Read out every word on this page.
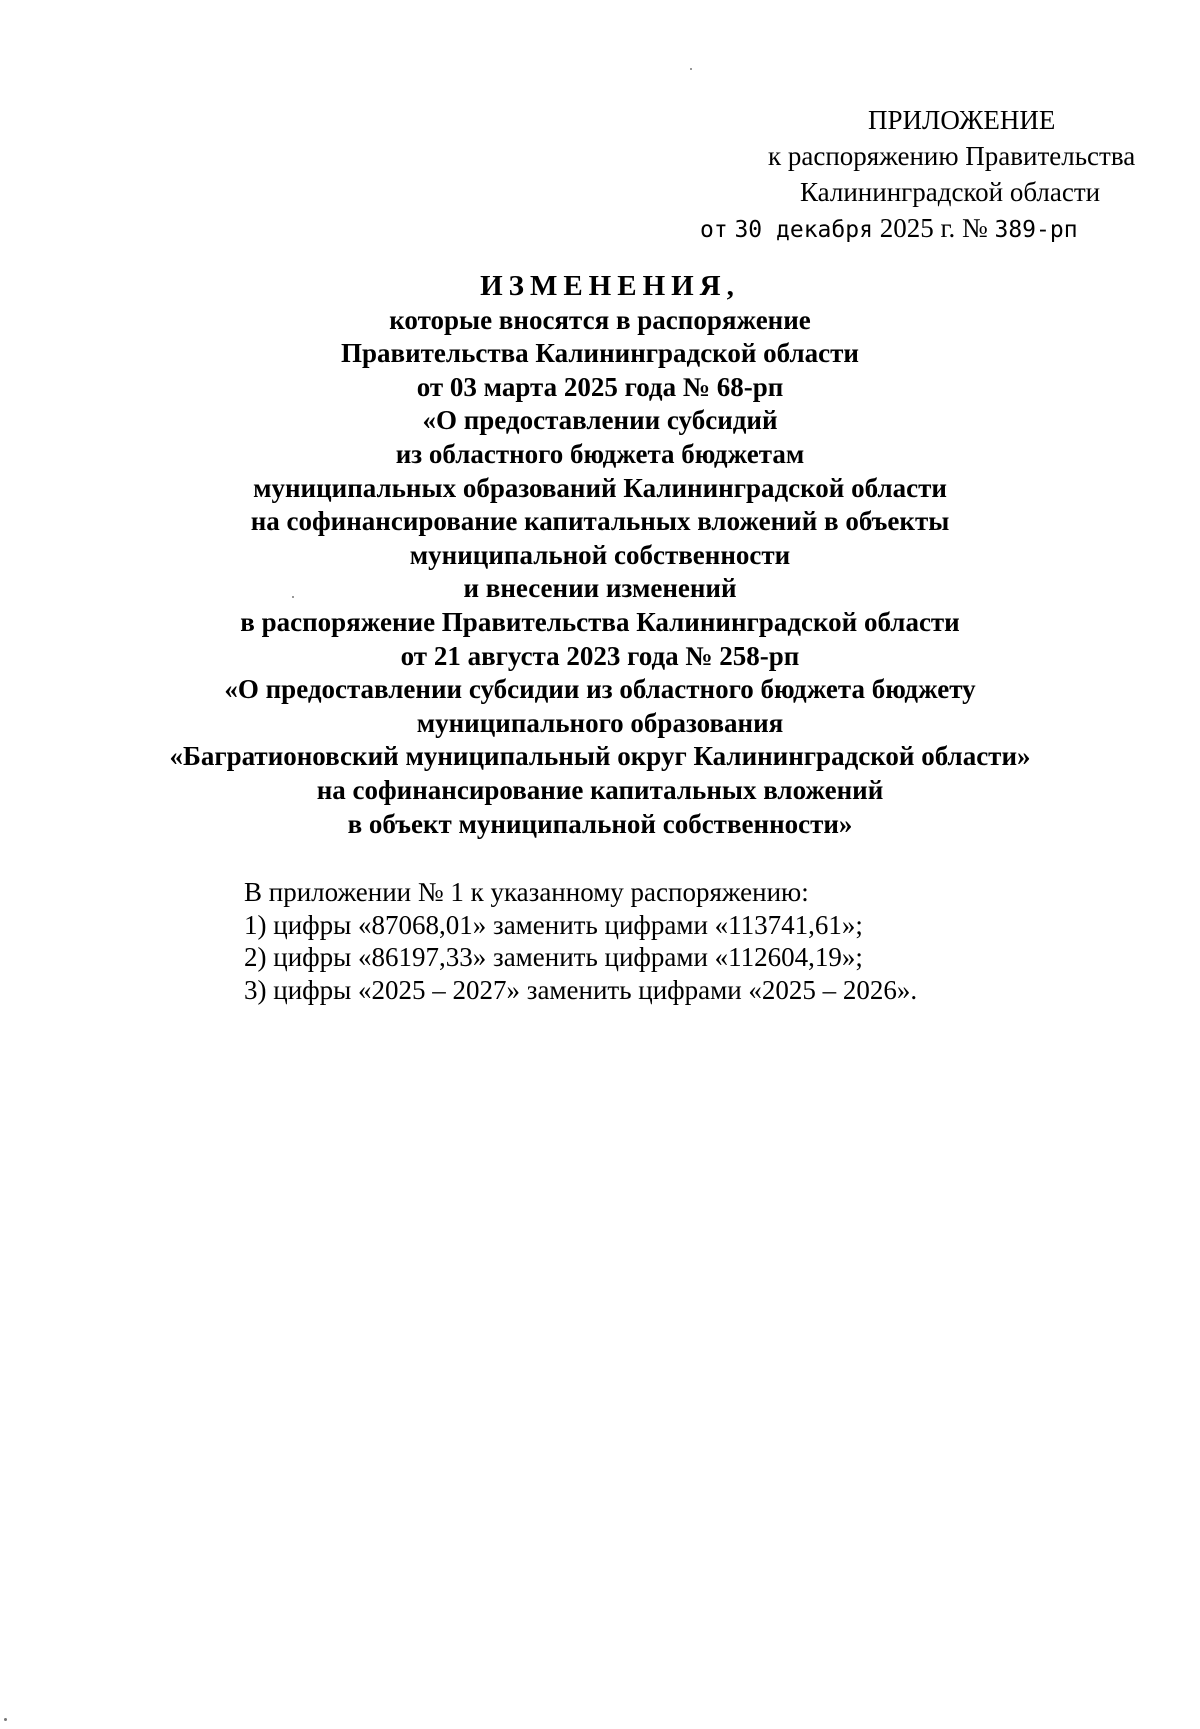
ПРИЛОЖЕНИЕ
к распоряжению Правительства
Калининградской области
от 30 декабря 2025 г. № 389-рп
ИЗМЕНЕНИЯ,
которые вносятся в распоряжение
Правительства Калининградской области
от 03 марта 2025 года № 68-рп
«О предоставлении субсидий
из областного бюджета бюджетам
муниципальных образований Калининградской области
на софинансирование капитальных вложений в объекты
муниципальной собственности
и внесении изменений
в распоряжение Правительства Калининградской области
от 21 августа 2023 года № 258-рп
«О предоставлении субсидии из областного бюджета бюджету
муниципального образования
«Багратионовский муниципальный округ Калининградской области»
на софинансирование капитальных вложений
в объект муниципальной собственности»
В приложении № 1 к указанному распоряжению:
1) цифры «87068,01» заменить цифрами «113741,61»;
2) цифры «86197,33» заменить цифрами «112604,19»;
3) цифры «2025 – 2027» заменить цифрами «2025 – 2026».
